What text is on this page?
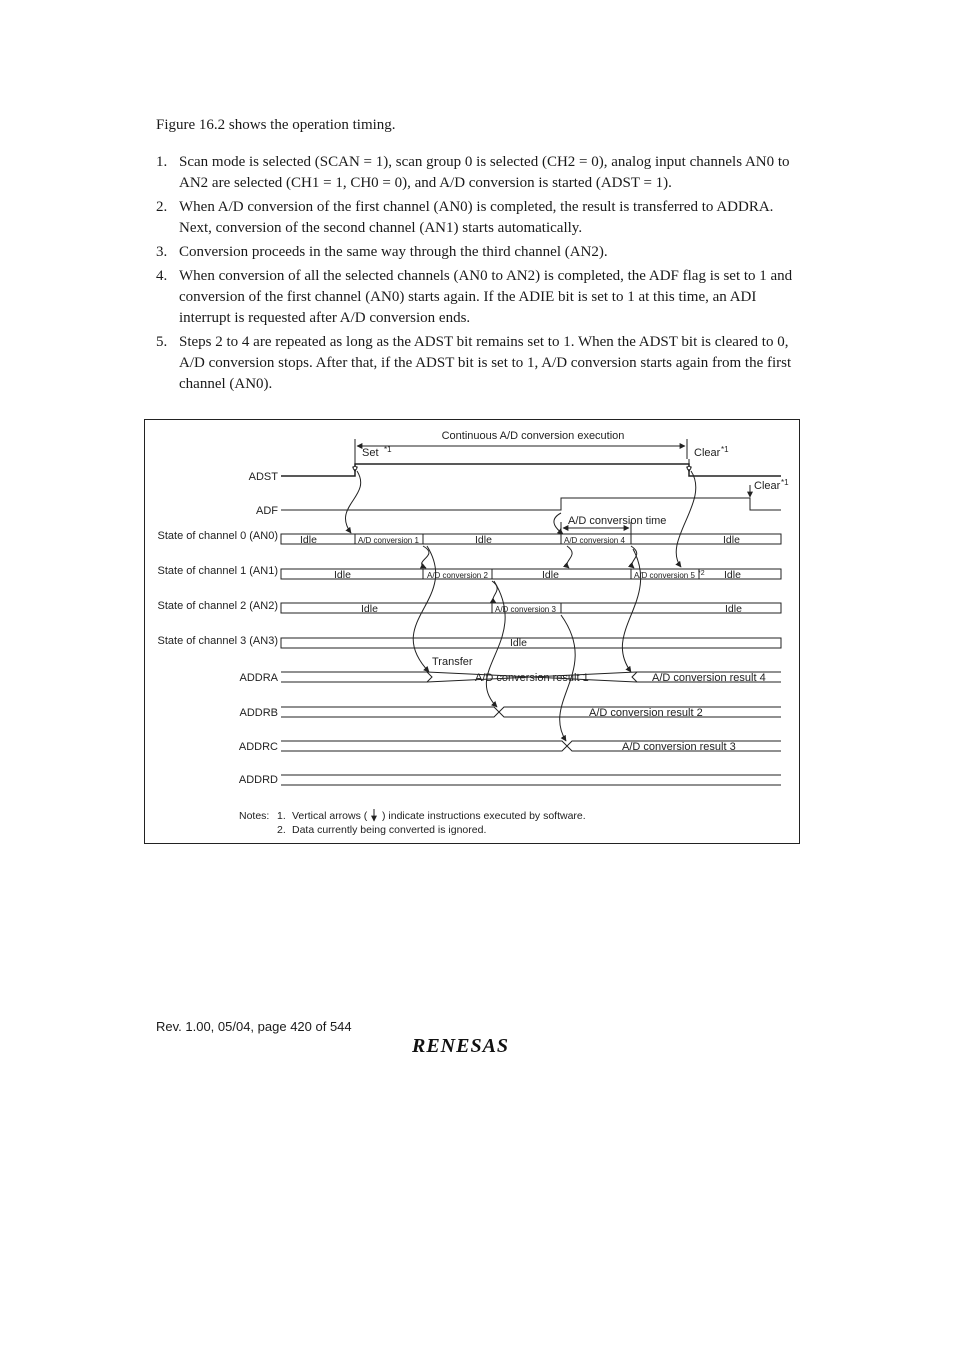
Figure 16.2 shows the operation timing.
1. Scan mode is selected (SCAN = 1), scan group 0 is selected (CH2 = 0), analog input channels AN0 to AN2 are selected (CH1 = 1, CH0 = 0), and A/D conversion is started (ADST = 1).
2. When A/D conversion of the first channel (AN0) is completed, the result is transferred to ADDRA. Next, conversion of the second channel (AN1) starts automatically.
3. Conversion proceeds in the same way through the third channel (AN2).
4. When conversion of all the selected channels (AN0 to AN2) is completed, the ADF flag is set to 1 and conversion of the first channel (AN0) starts again. If the ADIE bit is set to 1 at this time, an ADI interrupt is requested after A/D conversion ends.
5. Steps 2 to 4 are repeated as long as the ADST bit remains set to 1. When the ADST bit is cleared to 0, A/D conversion stops. After that, if the ADST bit is set to 1, A/D conversion starts again from the first channel (AN0).
Continuous A/D conversion execution
Set *1	Clear *1
Clear *1
A/D conversion time
ADST
ADF
State of channel 0 (AN0)
State of channel 1 (AN1)
State of channel 2 (AN2)
State of channel 3 (AN3)
ADDRA
ADDRB
ADDRC
ADDRD
Idle	A/D conversion 1	Idle	A/D conversion 4	Idle
Idle	A/D conversion 2	Idle	A/D conversion 5 *2 Idle
Idle	A/D conversion 3	Idle
Idle
Transfer
A/D conversion result 1	A/D conversion result 4
A/D conversion result 2
A/D conversion result 3
Notes: 1. Vertical arrows ( ) indicate instructions executed by software.
2. Data currently being converted is ignored.
Rev. 1.00, 05/04, page 420 of 544
RENESAS
